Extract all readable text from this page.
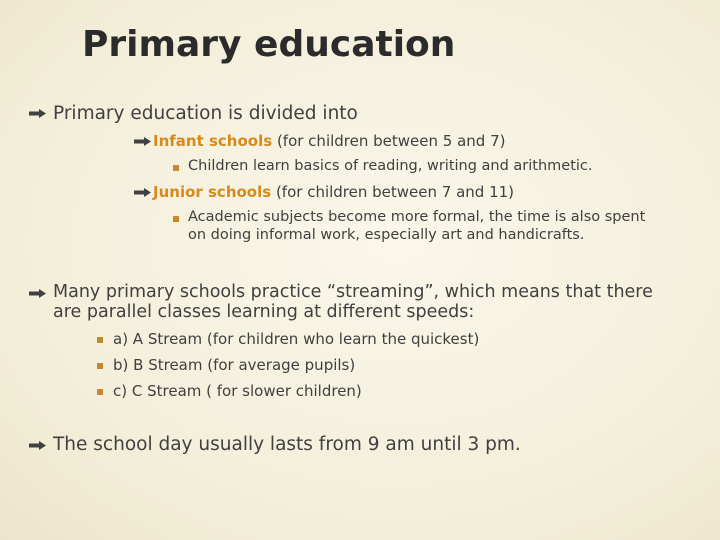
Primary education
Primary education is divided into
Infant schools (for children between 5 and 7)
Children learn basics of reading, writing and arithmetic.
Junior schools (for children between 7 and 11)
Academic subjects become more formal, the time is also spent
on doing informal work, especially art and handicrafts.
Many primary schools practice “streaming”, which means that there
are parallel classes learning at different speeds:
a) A Stream (for children who learn the quickest)
b) B Stream (for average pupils)
c) C Stream ( for slower children)
The school day usually lasts from 9 am until 3 pm.
